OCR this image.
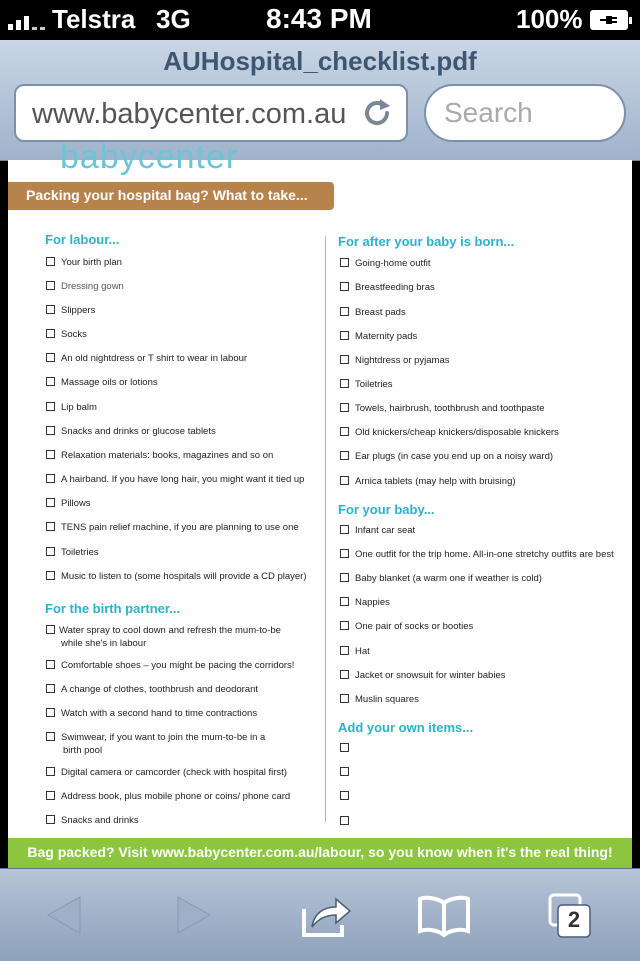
Telstra 3G	8:43 PM	100%
AUHospital_checklist.pdf
www.babycenter.com.au
Search
babycenter
Packing your hospital bag? What to take...
For labour...
Your birth plan
Dressing gown
Slippers
Socks
An old nightdress or T shirt to wear in labour
Massage oils or lotions
Lip balm
Snacks and drinks or glucose tablets
Relaxation materials: books, magazines and so on
A hairband. If you have long hair, you might want it tied up
Pillows
TENS pain relief machine, if you are planning to use one
Toiletries
Music to listen to (some hospitals will provide a CD player)
For the birth partner...
Water spray to cool down and refresh the mum-to-be
while she's in labour
Comfortable shoes – you might be pacing the corridors!
A change of clothes, toothbrush and deodorant
Watch with a second hand to time contractions
Swimwear, if you want to join the mum-to-be in a
birth pool
Digital camera or camcorder (check with hospital first)
Address book, plus mobile phone or coins/ phone card
Snacks and drinks
For after your baby is born...
Going-home outfit
Breastfeeding bras
Breast pads
Maternity pads
Nightdress or pyjamas
Toiletries
Towels, hairbrush, toothbrush and toothpaste
Old knickers/cheap knickers/disposable knickers
Ear plugs (in case you end up on a noisy ward)
Arnica tablets (may help with bruising)
For your baby...
Infant car seat
One outfit for the trip home. All-in-one stretchy outfits are best
Baby blanket (a warm one if weather is cold)
Nappies
One pair of socks or booties
Hat
Jacket or snowsuit for winter babies
Muslin squares
Add your own items...
Bag packed? Visit www.babycenter.com.au/labour, so you know when it's the real thing!
2
